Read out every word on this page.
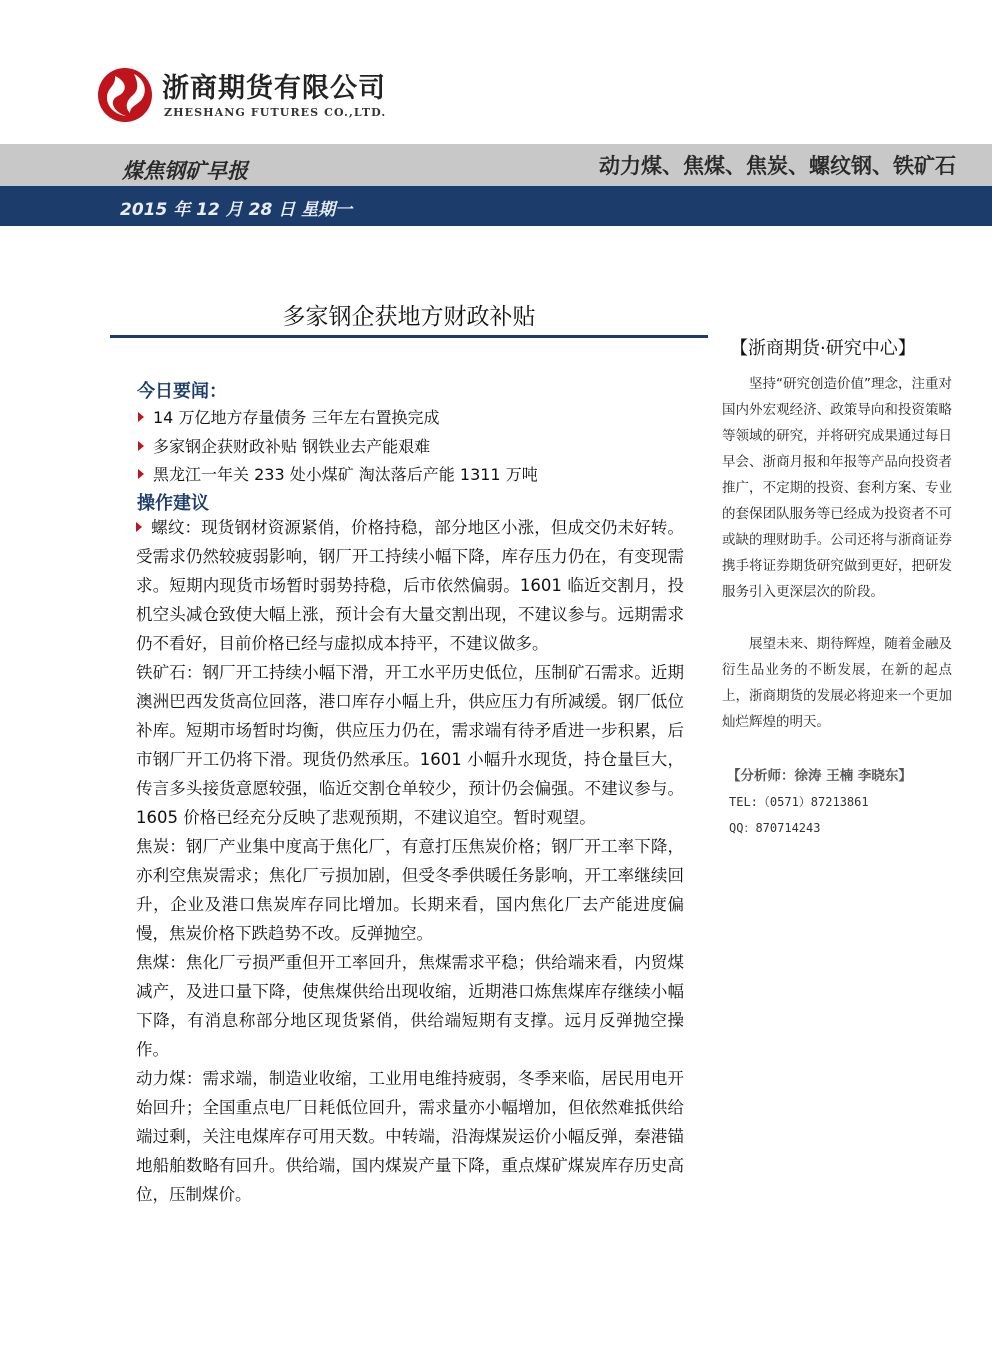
浙商期货有限公司
ZHESHANG FUTURES CO.,LTD.
煤焦钢矿早报	动力煤、焦煤、焦炭、螺纹钢、铁矿石
2015 年 12 月 28 日 星期一
多家钢企获地方财政补贴
今日要闻：
14 万亿地方存量债务 三年左右置换完成
多家钢企获财政补贴 钢铁业去产能艰难
黑龙江一年关 233 处小煤矿 淘汰落后产能 1311 万吨
操作建议

螺纹：现货钢材资源紧俏，价格持稳，部分地区小涨，但成交仍未好转。受需求仍然较疲弱影响，钢厂开工持续小幅下降，库存压力仍在，有变现需求。短期内现货市场暂时弱势持稳，后市依然偏弱。1601 临近交割月，投机空头减仓致使大幅上涨，预计会有大量交割出现，不建议参与。远期需求仍不看好，目前价格已经与虚拟成本持平，不建议做多。

铁矿石：钢厂开工持续小幅下滑，开工水平历史低位，压制矿石需求。近期澳洲巴西发货高位回落，港口库存小幅上升，供应压力有所减缓。钢厂低位补库。短期市场暂时均衡，供应压力仍在，需求端有待矛盾进一步积累，后市钢厂开工仍将下滑。现货仍然承压。1601 小幅升水现货，持仓量巨大，传言多头接货意愿较强，临近交割仓单较少，预计仍会偏强。不建议参与。1605 价格已经充分反映了悲观预期，不建议追空。暂时观望。

焦炭：钢厂产业集中度高于焦化厂，有意打压焦炭价格；钢厂开工率下降，亦利空焦炭需求；焦化厂亏损加剧，但受冬季供暖任务影响，开工率继续回升，企业及港口焦炭库存同比增加。长期来看，国内焦化厂去产能进度偏慢，焦炭价格下跌趋势不改。反弹抛空。

焦煤：焦化厂亏损严重但开工率回升，焦煤需求平稳；供给端来看，内贸煤减产，及进口量下降，使焦煤供给出现收缩，近期港口炼焦煤库存继续小幅下降，有消息称部分地区现货紧俏，供给端短期有支撑。远月反弹抛空操作。

动力煤：需求端，制造业收缩，工业用电维持疲弱，冬季来临，居民用电开始回升；全国重点电厂日耗低位回升，需求量亦小幅增加，但依然难抵供给端过剩，关注电煤库存可用天数。中转端，沿海煤炭运价小幅反弹，秦港锚地船舶数略有回升。供给端，国内煤炭产量下降，重点煤矿煤炭库存历史高位，压制煤价。

【浙商期货·研究中心】

坚持“研究创造价值”理念，注重对国内外宏观经济、政策导向和投资策略等领域的研究，并将研究成果通过每日早会、浙商月报和年报等产品向投资者推广，不定期的投资、套利方案、专业的套保团队服务等已经成为投资者不可或缺的理财助手。公司还将与浙商证券携手将证券期货研究做到更好，把研发服务引入更深层次的阶段。

展望未来、期待辉煌，随着金融及衍生品业务的不断发展，在新的起点上，浙商期货的发展必将迎来一个更加灿烂辉煌的明天。

【分析师：徐涛 王楠 李晓东】
TEL:（0571）87213861
QQ：870714243
